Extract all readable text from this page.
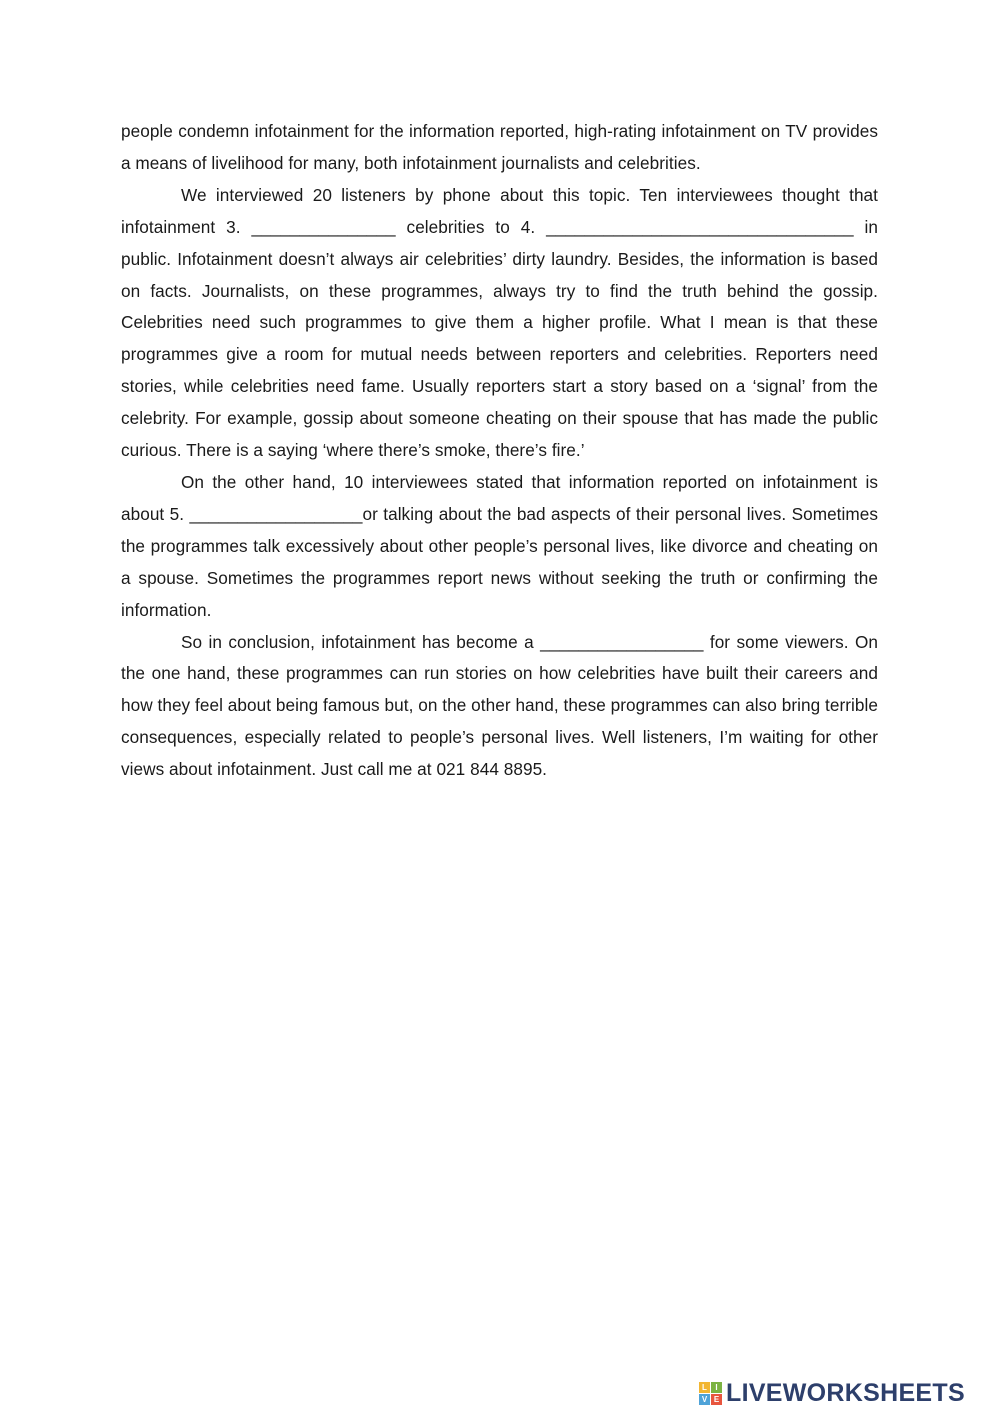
people condemn infotainment for the information reported, high-rating infotainment on TV provides a means of livelihood for many, both infotainment journalists and celebrities.

We interviewed 20 listeners by phone about this topic. Ten interviewees thought that infotainment 3. _______________ celebrities to 4. ________________________________ in public. Infotainment doesn’t always air celebrities’ dirty laundry. Besides, the information is based on facts. Journalists, on these programmes, always try to find the truth behind the gossip. Celebrities need such programmes to give them a higher profile. What I mean is that these programmes give a room for mutual needs between reporters and celebrities. Reporters need stories, while celebrities need fame. Usually reporters start a story based on a ‘signal’ from the celebrity. For example, gossip about someone cheating on their spouse that has made the public curious. There is a saying ‘where there’s smoke, there’s fire.’

On the other hand, 10 interviewees stated that information reported on infotainment is about 5. __________________or talking about the bad aspects of their personal lives. Sometimes the programmes talk excessively about other people’s personal lives, like divorce and cheating on a spouse. Sometimes the programmes report news without seeking the truth or confirming the information.

So in conclusion, infotainment has become a _________________ for some viewers. On the one hand, these programmes can run stories on how celebrities have built their careers and how they feel about being famous but, on the other hand, these programmes can also bring terrible consequences, especially related to people’s personal lives. Well listeners, I’m waiting for other views about infotainment. Just call me at 021 844 8895.

L	I
V E LIVEWORKSHEETS
